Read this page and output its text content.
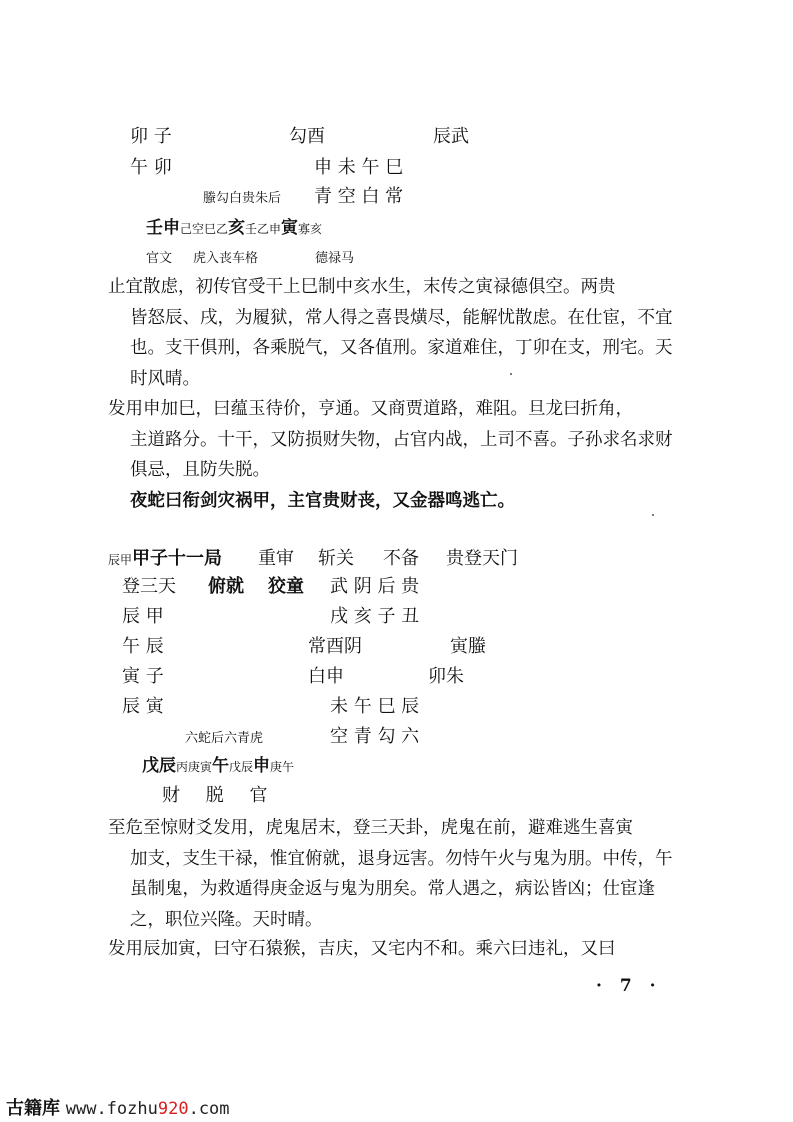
卯 子	勾酉	辰武
午 卯	申 未 午 巳
螣勾白贵朱后 青 空 白 常
壬申己空巳乙亥壬乙申寅寡亥
官文 虎入丧车格	德禄马

止宜散虑，初传官受干上巳制中亥水生，末传之寅禄德俱空。两贵

皆怒辰、戌，为履狱，常人得之喜畏熿尽，能解忧散虑。在仕宦，不宜也。支干俱刑，各乘脱气，又各值刑。家道难住，丁卯在支，刑宅。天时风晴。

发用申加巳，曰蕴玉待价，亨通。又商贾道路，难阻。旦龙曰折角，

主道路分。十干，又防损财失物，占官内战，上司不喜。子孙求名求财俱忌，且防失脱。

夜蛇曰衔剑灾祸甲，主官贵财丧，又金器鸣逃亡。
辰甲甲子十一局 重审 斩关 不备 贵登天门
登三天 俯就 狡童 武 阴 后 贵
辰 甲	戌 亥 子 丑
午 辰	常酉阴	寅螣
寅 子	白申	卯朱
辰 寅	未 午 巳 辰
六蛇后六青虎	空 青 勾 六
戊辰丙庚寅午戊辰申庚午
财 脱 官

至危至惊财爻发用，虎鬼居末，登三天卦，虎鬼在前，避难逃生喜寅

加支，支生干禄，惟宜俯就，退身远害。勿恃午火与鬼为朋。中传，午虽制鬼，为救遁得庚金返与鬼为朋矣。常人遇之，病讼皆凶；仕宦逢之，职位兴隆。天时晴。

发用辰加寅，曰守石猿猴，吉庆，又宅内不和。乘六曰违礼，又曰
· 7 ·
古籍库 www.fozhu920.com
